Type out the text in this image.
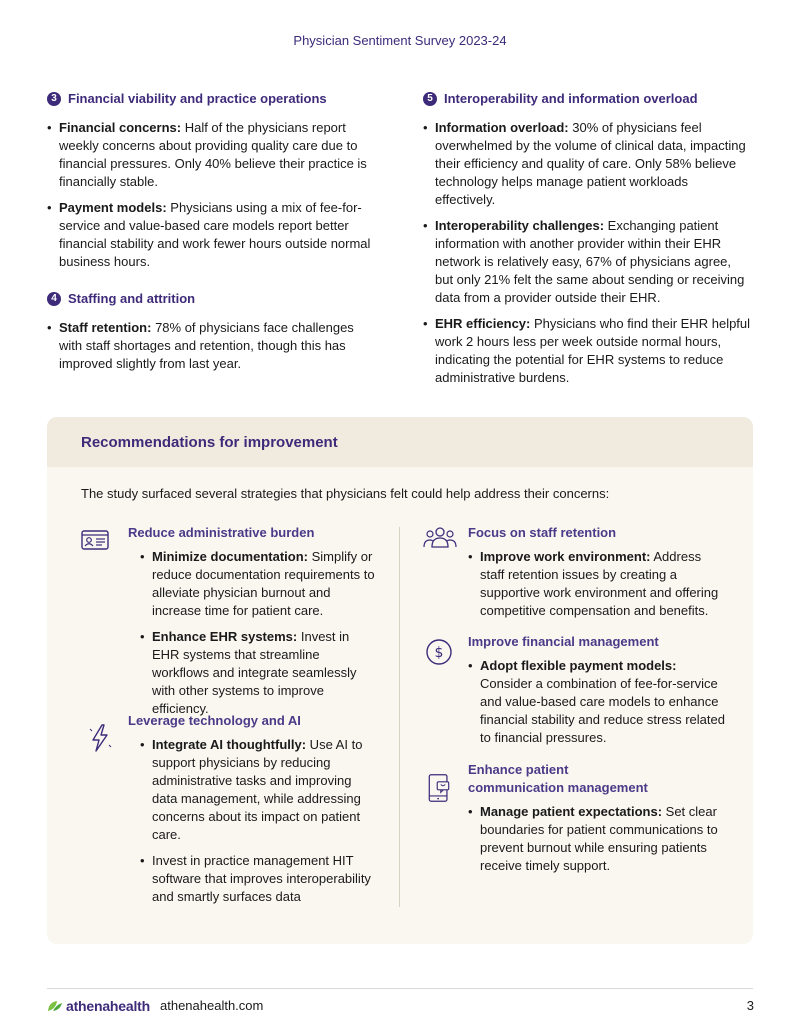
Physician Sentiment Survey 2023-24
3 Financial viability and practice operations
• Financial concerns: Half of the physicians report weekly concerns about providing quality care due to financial pressures. Only 40% believe their practice is financially stable.
• Payment models: Physicians using a mix of fee-for-service and value-based care models report better financial stability and work fewer hours outside normal business hours.
4 Staffing and attrition
• Staff retention: 78% of physicians face challenges with staff shortages and retention, though this has improved slightly from last year.
5 Interoperability and information overload
• Information overload: 30% of physicians feel overwhelmed by the volume of clinical data, impacting their efficiency and quality of care. Only 58% believe technology helps manage patient workloads effectively.
• Interoperability challenges: Exchanging patient information with another provider within their EHR network is relatively easy, 67% of physicians agree, but only 21% felt the same about sending or receiving data from a provider outside their EHR.
• EHR efficiency: Physicians who find their EHR helpful work 2 hours less per week outside normal hours, indicating the potential for EHR systems to reduce administrative burdens.
Recommendations for improvement
The study surfaced several strategies that physicians felt could help address their concerns:
Reduce administrative burden
• Minimize documentation: Simplify or reduce documentation requirements to alleviate physician burnout and increase time for patient care.
• Enhance EHR systems: Invest in EHR systems that streamline workflows and integrate seamlessly with other systems to improve efficiency.
Leverage technology and AI
• Integrate AI thoughtfully: Use AI to support physicians by reducing administrative tasks and improving data management, while addressing concerns about its impact on patient care.
• Invest in practice management HIT software that improves interoperability and smartly surfaces data
Focus on staff retention
• Improve work environment: Address staff retention issues by creating a supportive work environment and offering competitive compensation and benefits.
$
Improve financial management
• Adopt flexible payment models: Consider a combination of fee-for-service and value-based care models to enhance financial stability and reduce stress related to financial pressures.
Enhance patient
communication management
• Manage patient expectations: Set clear boundaries for patient communications to prevent burnout while ensuring patients receive timely support.
athenahealth athenahealth.com	3
